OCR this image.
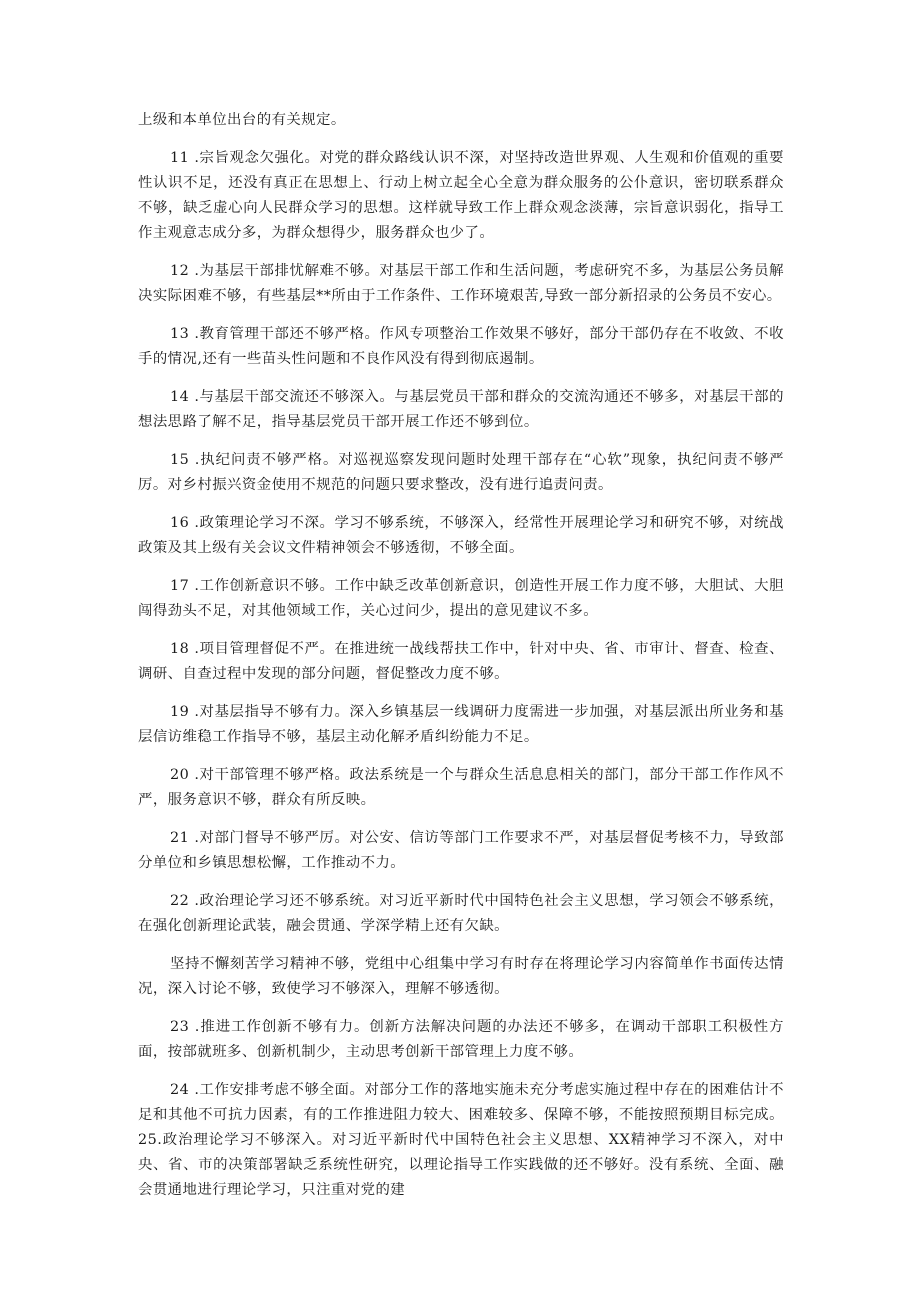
上级和本单位出台的有关规定。

11 .宗旨观念欠强化。对党的群众路线认识不深，对坚持改造世界观、人生观和价值观的重要性认识不足，还没有真正在思想上、行动上树立起全心全意为群众服务的公仆意识，密切联系群众不够，缺乏虚心向人民群众学习的思想。这样就导致工作上群众观念淡薄，宗旨意识弱化，指导工作主观意志成分多，为群众想得少，服务群众也少了。

12 .为基层干部排忧解难不够。对基层干部工作和生活问题，考虑研究不多，为基层公务员解决实际困难不够，有些基层**所由于工作条件、工作环境艰苦,导致一部分新招录的公务员不安心。

13 .教育管理干部还不够严格。作风专项整治工作效果不够好，部分干部仍存在不收敛、不收手的情况,还有一些苗头性问题和不良作风没有得到彻底遏制。

14 .与基层干部交流还不够深入。与基层党员干部和群众的交流沟通还不够多，对基层干部的想法思路了解不足，指导基层党员干部开展工作还不够到位。

15 .执纪问责不够严格。对巡视巡察发现问题时处理干部存在“心软”现象，执纪问责不够严厉。对乡村振兴资金使用不规范的问题只要求整改，没有进行追责问责。

16 .政策理论学习不深。学习不够系统，不够深入，经常性开展理论学习和研究不够，对统战政策及其上级有关会议文件精神领会不够透彻，不够全面。

17 .工作创新意识不够。工作中缺乏改革创新意识，创造性开展工作力度不够，大胆试、大胆闯得劲头不足，对其他领域工作，关心过问少，提出的意见建议不多。

18 .项目管理督促不严。在推进统一战线帮扶工作中，针对中央、省、市审计、督查、检查、调研、自查过程中发现的部分问题，督促整改力度不够。

19 .对基层指导不够有力。深入乡镇基层一线调研力度需进一步加强，对基层派出所业务和基层信访维稳工作指导不够，基层主动化解矛盾纠纷能力不足。

20 .对干部管理不够严格。政法系统是一个与群众生活息息相关的部门，部分干部工作作风不严，服务意识不够，群众有所反映。

21 .对部门督导不够严厉。对公安、信访等部门工作要求不严，对基层督促考核不力，导致部分单位和乡镇思想松懈，工作推动不力。

22 .政治理论学习还不够系统。对习近平新时代中国特色社会主义思想，学习领会不够系统，在强化创新理论武装，融会贯通、学深学精上还有欠缺。

坚持不懈刻苦学习精神不够，党组中心组集中学习有时存在将理论学习内容简单作书面传达情况，深入讨论不够，致使学习不够深入，理解不够透彻。

23 .推进工作创新不够有力。创新方法解决问题的办法还不够多，在调动干部职工积极性方面，按部就班多、创新机制少，主动思考创新干部管理上力度不够。

24 .工作安排考虑不够全面。对部分工作的落地实施未充分考虑实施过程中存在的困难估计不足和其他不可抗力因素，有的工作推进阻力较大、困难较多、保障不够，不能按照预期目标完成。25.政治理论学习不够深入。对习近平新时代中国特色社会主义思想、XX精神学习不深入，对中央、省、市的决策部署缺乏系统性研究，以理论指导工作实践做的还不够好。没有系统、全面、融会贯通地进行理论学习，只注重对党的建
